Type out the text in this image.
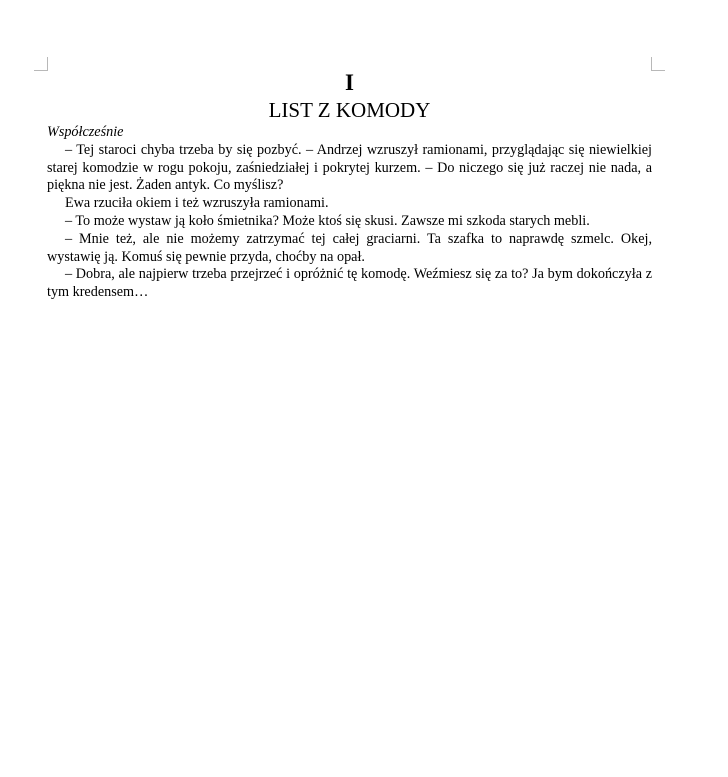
I
LIST Z KOMODY

Współcześnie

– Tej staroci chyba trzeba by się pozbyć. – Andrzej wzruszył ramionami, przyglądając się niewielkiej starej komodzie w rogu pokoju, zaśniedziałej i pokrytej kurzem. – Do niczego się już raczej nie nada, a piękna nie jest. Żaden antyk. Co myślisz?

Ewa rzuciła okiem i też wzruszyła ramionami.

– To może wystaw ją koło śmietnika? Może ktoś się skusi. Zawsze mi szkoda starych mebli.

– Mnie też, ale nie możemy zatrzymać tej całej graciarni. Ta szafka to naprawdę szmelc. Okej, wystawię ją. Komuś się pewnie przyda, choćby na opał.

– Dobra, ale najpierw trzeba przejrzeć i opróżnić tę komodę. Weźmiesz się za to? Ja bym dokończyła z tym kredensem…
